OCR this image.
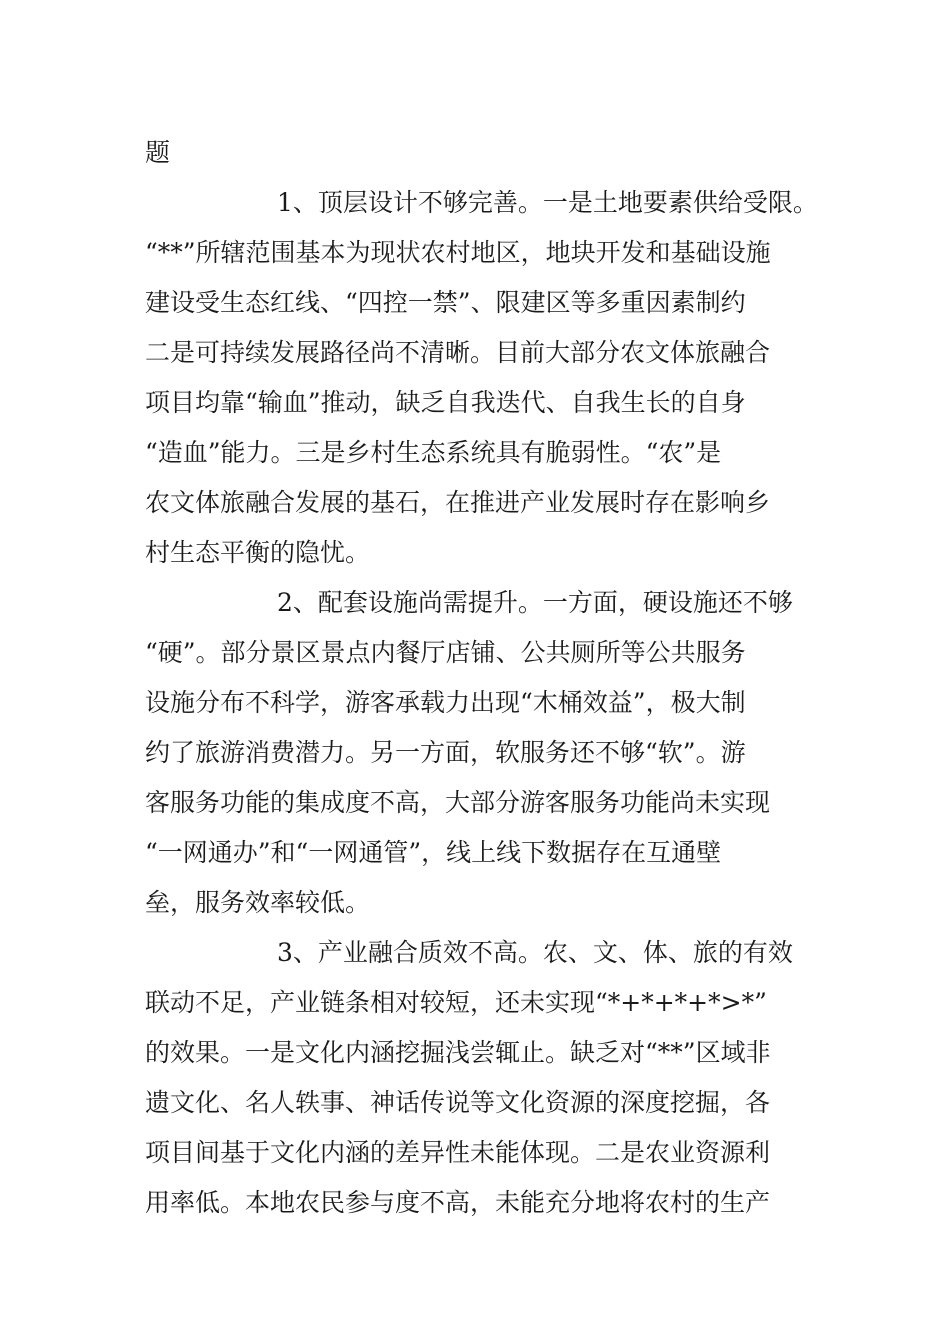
题
1、顶层设计不够完善。一是土地要素供给受限。
“**”所辖范围基本为现状农村地区，地块开发和基础设施
建设受生态红线、“四控一禁”、限建区等多重因素制约
二是可持续发展路径尚不清晰。目前大部分农文体旅融合
项目均靠“输血”推动，缺乏自我迭代、自我生长的自身
“造血”能力。三是乡村生态系统具有脆弱性。“农”是
农文体旅融合发展的基石，在推进产业发展时存在影响乡
村生态平衡的隐忧。
2、配套设施尚需提升。一方面，硬设施还不够
“硬”。部分景区景点内餐厅店铺、公共厕所等公共服务
设施分布不科学，游客承载力出现“木桶效益”，极大制
约了旅游消费潜力。另一方面，软服务还不够“软”。游
客服务功能的集成度不高，大部分游客服务功能尚未实现
“一网通办”和“一网通管”，线上线下数据存在互通壁
垒，服务效率较低。
3、产业融合质效不高。农、文、体、旅的有效
联动不足，产业链条相对较短，还未实现“*+*+*+*>*”
的效果。一是文化内涵挖掘浅尝辄止。缺乏对“**”区域非
遗文化、名人轶事、神话传说等文化资源的深度挖掘，各
项目间基于文化内涵的差异性未能体现。二是农业资源利
用率低。本地农民参与度不高，未能充分地将农村的生产
